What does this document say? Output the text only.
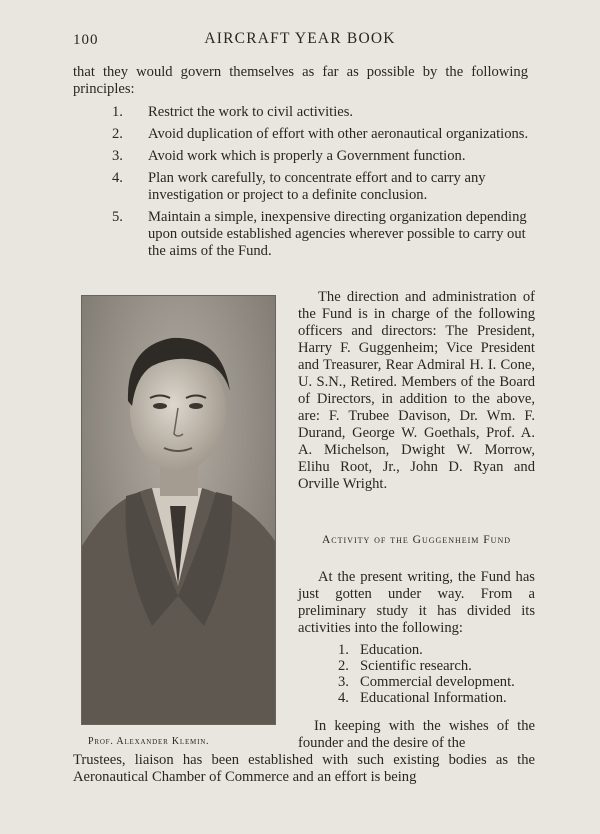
100	AIRCRAFT YEAR BOOK
that they would govern themselves as far as possible by the following principles:
1.	Restrict the work to civil activities.
2.	Avoid duplication of effort with other aeronautical organizations.
3.	Avoid work which is properly a Government function.
4.	Plan work carefully, to concentrate effort and to carry any investigation or project to a definite conclusion.
5.	Maintain a simple, inexpensive directing organization depending upon outside established agencies wherever possible to carry out the aims of the Fund.
Prof. Alexander Klemin.

The direction and administration of the Fund is in charge of the following officers and directors: The President, Harry F. Guggenheim; Vice President and Treasurer, Rear Admiral H. I. Cone, U. S.N., Retired. Members of the Board of Directors, in addition to the above, are: F. Trubee Davison, Dr. Wm. F. Durand, George W. Goethals, Prof. A. A. Michelson, Dwight W. Morrow, Elihu Root, Jr., John D. Ryan and Orville Wright.

Activity of the Guggenheim Fund

At the present writing, the Fund has just gotten under way. From a preliminary study it has divided its activities into the following:

1. Education.
2. Scientific research.
3. Commercial development.
4. Educational Information.

In keeping with the wishes of the founder and the desire of the

Trustees, liaison has been established with such existing bodies as the Aeronautical Chamber of Commerce and an effort is being
